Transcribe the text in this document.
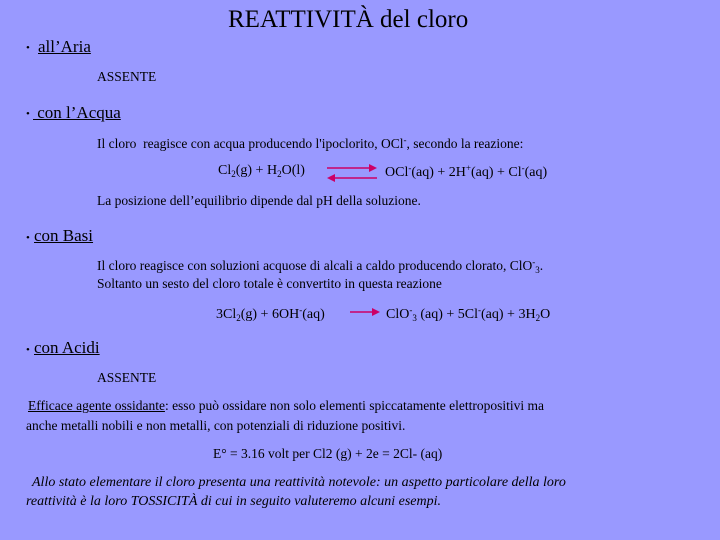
REATTIVITÀ del cloro
• all’Aria
ASSENTE
• con l’Acqua
Il cloro  reagisce con acqua producendo l'ipoclorito, OCl-, secondo la reazione:
$Cl_2(g) + H_2O(l)$ ⇌ OCl-(aq) + 2H+(aq) + Cl-(aq)
La posizione dell’equilibrio dipende dal pH della soluzione.
• con Basi
Il cloro reagisce con soluzioni acquose di alcali a caldo producendo clorato, ClO-$_3$.
Soltanto un sesto del cloro totale è convertito in questa reazione
$3Cl_2(g) + 6OH^-(aq) \to ClO^-_3$ $(aq) + 5Cl^-(aq) + 3H_2O$
• con Acidi
ASSENTE
Efficace agente ossidante: esso può ossidare non solo elementi spiccatamente elettropositivi ma
anche metalli nobili e non metalli, con potenziali di riduzione positivi.
E° = 3.16 volt per Cl2 (g) + 2e = 2Cl- (aq)
Allo stato elementare il cloro presenta una reattività notevole: un aspetto particolare della loro
reattività è la loro TOSSICITÀ di cui in seguito valuteremo alcuni esempi.
